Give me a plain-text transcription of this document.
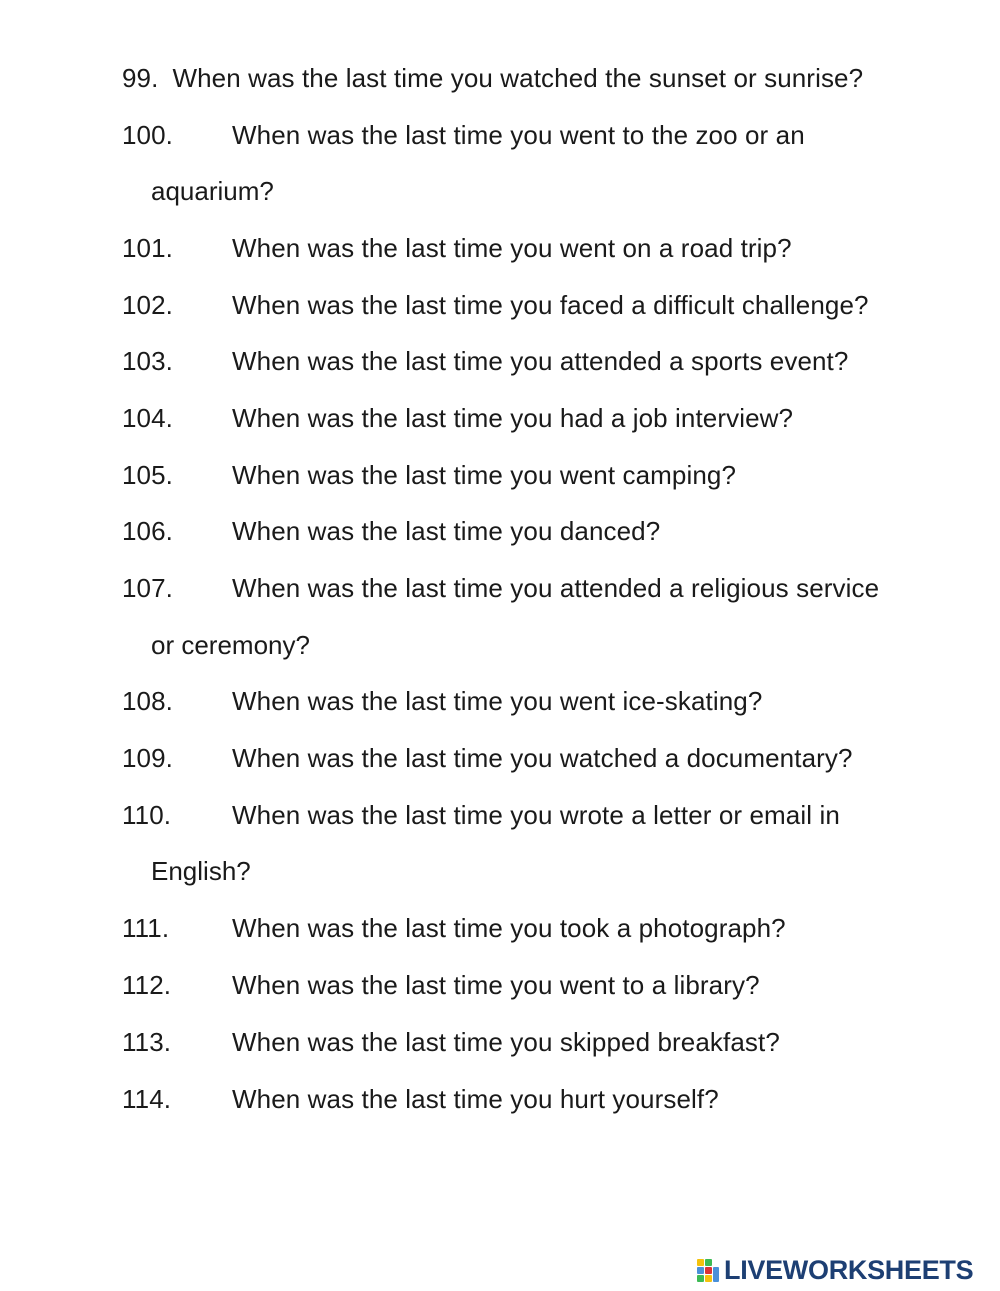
99. When was the last time you watched the sunset or sunrise?
100. When was the last time you went to the zoo or an
aquarium?
101. When was the last time you went on a road trip?
102. When was the last time you faced a difficult challenge?
103. When was the last time you attended a sports event?
104. When was the last time you had a job interview?
105. When was the last time you went camping?
106. When was the last time you danced?
107. When was the last time you attended a religious service
or ceremony?
108. When was the last time you went ice-skating?
109. When was the last time you watched a documentary?
110. When was the last time you wrote a letter or email in
English?
111. When was the last time you took a photograph?
112. When was the last time you went to a library?
113. When was the last time you skipped breakfast?
114. When was the last time you hurt yourself?
LIVEWORKSHEETS
